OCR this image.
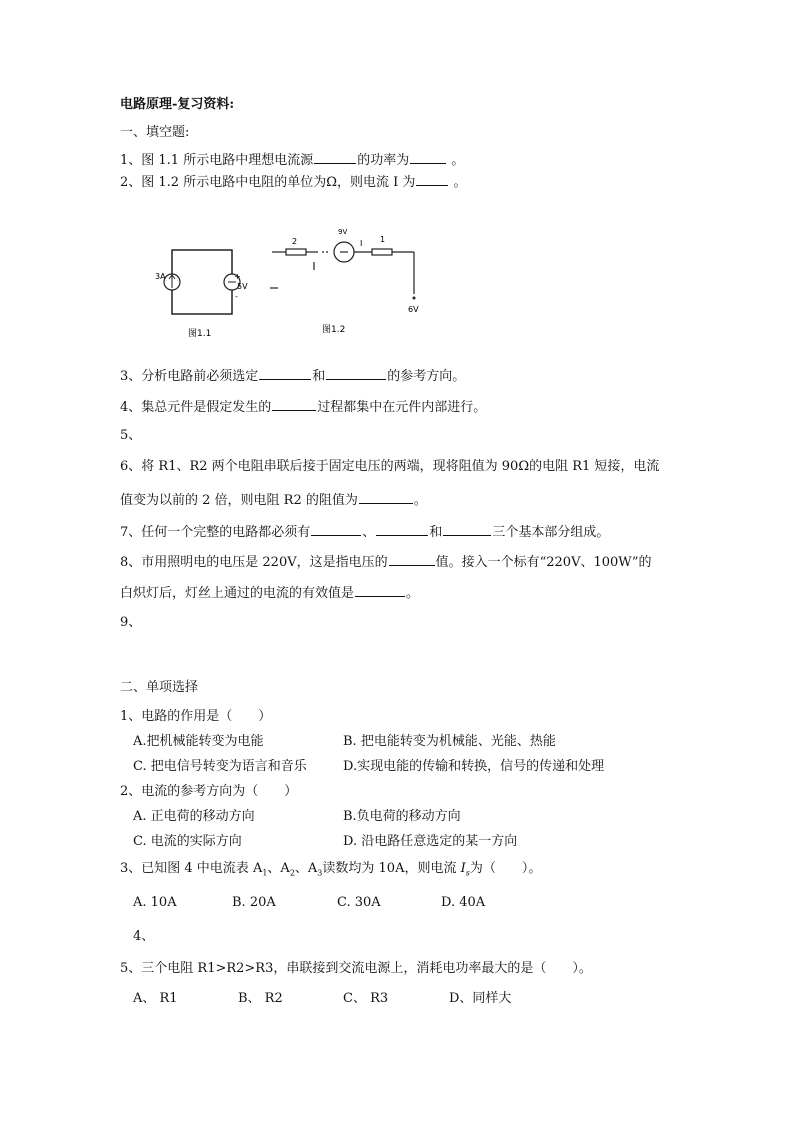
电路原理-复习资料:
一、填空题:
1、图 1.1 所示电路中理想电流源	的功率为	。
2、图 1.2 所示电路中电阻的单位为Ω，则电流 I 为	。
3A	+
5V
-
图1.1
2
9V
I 1
6V
图1.2
3、分析电路前必须选定	和	的参考方向。
4、集总元件是假定发生的	过程都集中在元件内部进行。
5、
6、将 R1、R2 两个电阻串联后接于固定电压的两端，现将阻值为 90Ω的电阻 R1 短接，电流
值变为以前的 2 倍，则电阻 R2 的阻值为	。
7、任何一个完整的电路都必须有	、	和	三个基本部分组成。
8、市用照明电的电压是 220V，这是指电压的	值。接入一个标有“220V、100W”的
白炽灯后，灯丝上通过的电流的有效值是	。
9、
二、单项选择
1、电路的作用是（　　）
A.把机械能转变为电能	B. 把电能转变为机械能、光能、热能
C. 把电信号转变为语言和音乐	D.实现电能的传输和转换，信号的传递和处理
2、电流的参考方向为（　　）
A. 正电荷的移动方向	B.负电荷的移动方向
C. 电流的实际方向	D. 沿电路任意选定的某一方向
3、已知图 4 中电流表 $A_1$、$A_2$、$A_3$读数均为 10A，则电流 $I_s$为（　　）。
A. 10A	B. 20A	C. 30A	D. 40A
4、
5、三个电阻 R1>R2>R3，串联接到交流电源上，消耗电功率最大的是（　　）。
A、 R1	B、 R2	C、 R3	D、同样大
